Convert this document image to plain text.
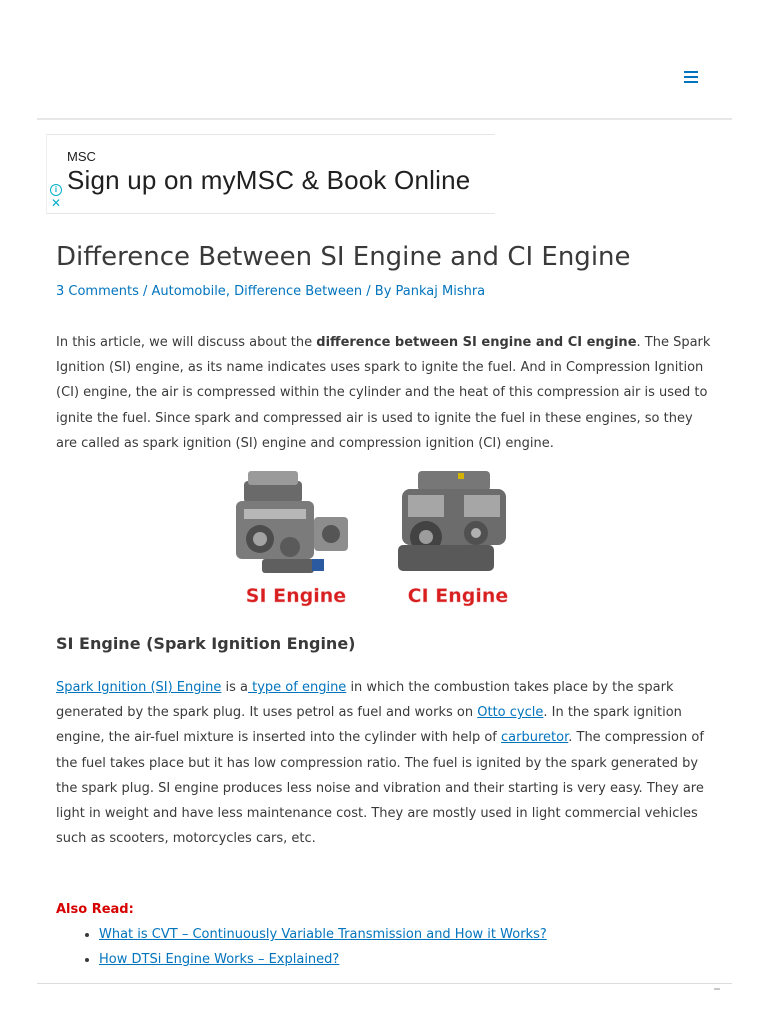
MSC
Sign up on myMSC & Book Online
i
✕
Difference Between SI Engine and CI Engine
3 Comments / Automobile, Difference Between / By Pankaj Mishra

In this article, we will discuss about the difference between SI engine and CI engine. The Spark Ignition (SI) engine, as its name indicates uses spark to ignite the fuel. And in Compression Ignition (CI) engine, the air is compressed within the cylinder and the heat of this compression air is used to ignite the fuel. Since spark and compressed air is used to ignite the fuel in these engines, so they are called as spark ignition (SI) engine and compression ignition (CI) engine.

SI Engine	CI Engine
SI Engine (Spark Ignition Engine)

Spark Ignition (SI) Engine is a type of engine in which the combustion takes place by the spark generated by the spark plug. It uses petrol as fuel and works on Otto cycle. In the spark ignition engine, the air-fuel mixture is inserted into the cylinder with help of carburetor. The compression of the fuel takes place but it has low compression ratio. The fuel is ignited by the spark generated by the spark plug. SI engine produces less noise and vibration and their starting is very easy. They are light in weight and have less maintenance cost. They are mostly used in light commercial vehicles such as scooters, motorcycles cars, etc.

Also Read:
• What is CVT – Continuously Variable Transmission and How it Works?
• How DTSi Engine Works – Explained?
